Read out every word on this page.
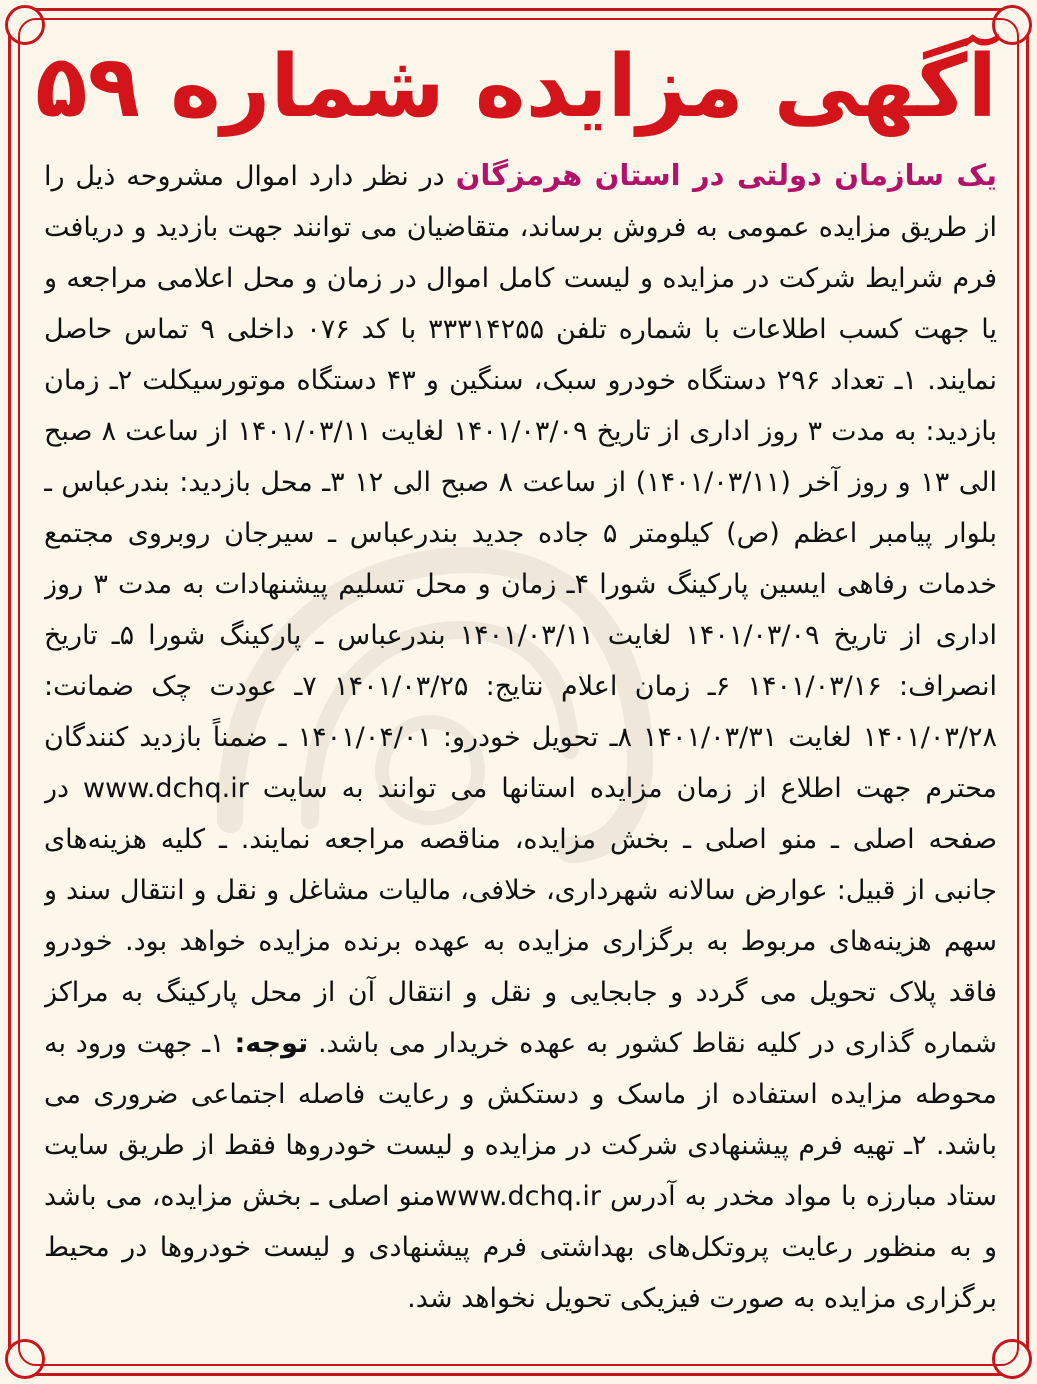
آگهی مزایده شماره ۵۹
یک سازمان دولتی در استان هرمزگان در نظر دارد اموال مشروحه ذیل را از طریق مزایده عمومی به فروش برساند، متقاضیان می توانند جهت بازدید و دریافت فرم شرایط شرکت در مزایده و لیست کامل اموال در زمان و محل اعلامی مراجعه و یا جهت کسب اطلاعات با شماره تلفن ۳۳۳۱۴۲۵۵ با کد ۰۷۶ داخلی ۹ تماس حاصل نمایند. ۱ـ تعداد ۲۹۶ دستگاه خودرو سبک، سنگین و ۴۳ دستگاه موتورسیکلت ۲ـ زمان بازدید: به مدت ۳ روز اداری از تاریخ ۱۴۰۱/۰۳/۰۹ لغایت ۱۴۰۱/۰۳/۱۱ از ساعت ۸ صبح الی ۱۳ و روز آخر (۱۴۰۱/۰۳/۱۱) از ساعت ۸ صبح الی ۱۲ ۳ـ محل بازدید: بندرعباس ـ بلوار پیامبر اعظم (ص) کیلومتر ۵ جاده جدید بندرعباس ـ سیرجان روبروی مجتمع خدمات رفاهی ایسین پارکینگ شورا ۴ـ زمان و محل تسلیم پیشنهادات به مدت ۳ روز اداری از تاریخ ۱۴۰۱/۰۳/۰۹ لغایت ۱۴۰۱/۰۳/۱۱ بندرعباس ـ پارکینگ شورا ۵ـ تاریخ انصراف: ۱۴۰۱/۰۳/۱۶ ۶ـ زمان اعلام نتایج: ۱۴۰۱/۰۳/۲۵ ۷ـ عودت چک ضمانت: ۱۴۰۱/۰۳/۲۸ لغایت ۱۴۰۱/۰۳/۳۱ ۸ـ تحویل خودرو: ۱۴۰۱/۰۴/۰۱ ـ ضمناً بازدید کنندگان محترم جهت اطلاع از زمان مزایده استانها می توانند به سایت www.dchq.ir در صفحه اصلی ـ منو اصلی ـ بخش مزایده، مناقصه مراجعه نمایند. ـ کلیه هزینه‌های جانبی از قبیل: عوارض سالانه شهرداری، خلافی، مالیات مشاغل و نقل و انتقال سند و سهم هزینه‌های مربوط به برگزاری مزایده به عهده برنده مزایده خواهد بود. خودرو فاقد پلاک تحویل می گردد و جابجایی و نقل و انتقال آن از محل پارکینگ به مراکز شماره گذاری در کلیه نقاط کشور به عهده خریدار می باشد. توجه: ۱ـ جهت ورود به محوطه مزایده استفاده از ماسک و دستکش و رعایت فاصله اجتماعی ضروری می باشد. ۲ـ تهیه فرم پیشنهادی شرکت در مزایده و لیست خودروها فقط از طریق سایت ستاد مبارزه با مواد مخدر به آدرس www.dchq.irمنو اصلی ـ بخش مزایده، می باشد و به منظور رعایت پروتکل‌های بهداشتی فرم پیشنهادی و لیست خودروها در محیط برگزاری مزایده به صورت فیزیکی تحویل نخواهد شد.
